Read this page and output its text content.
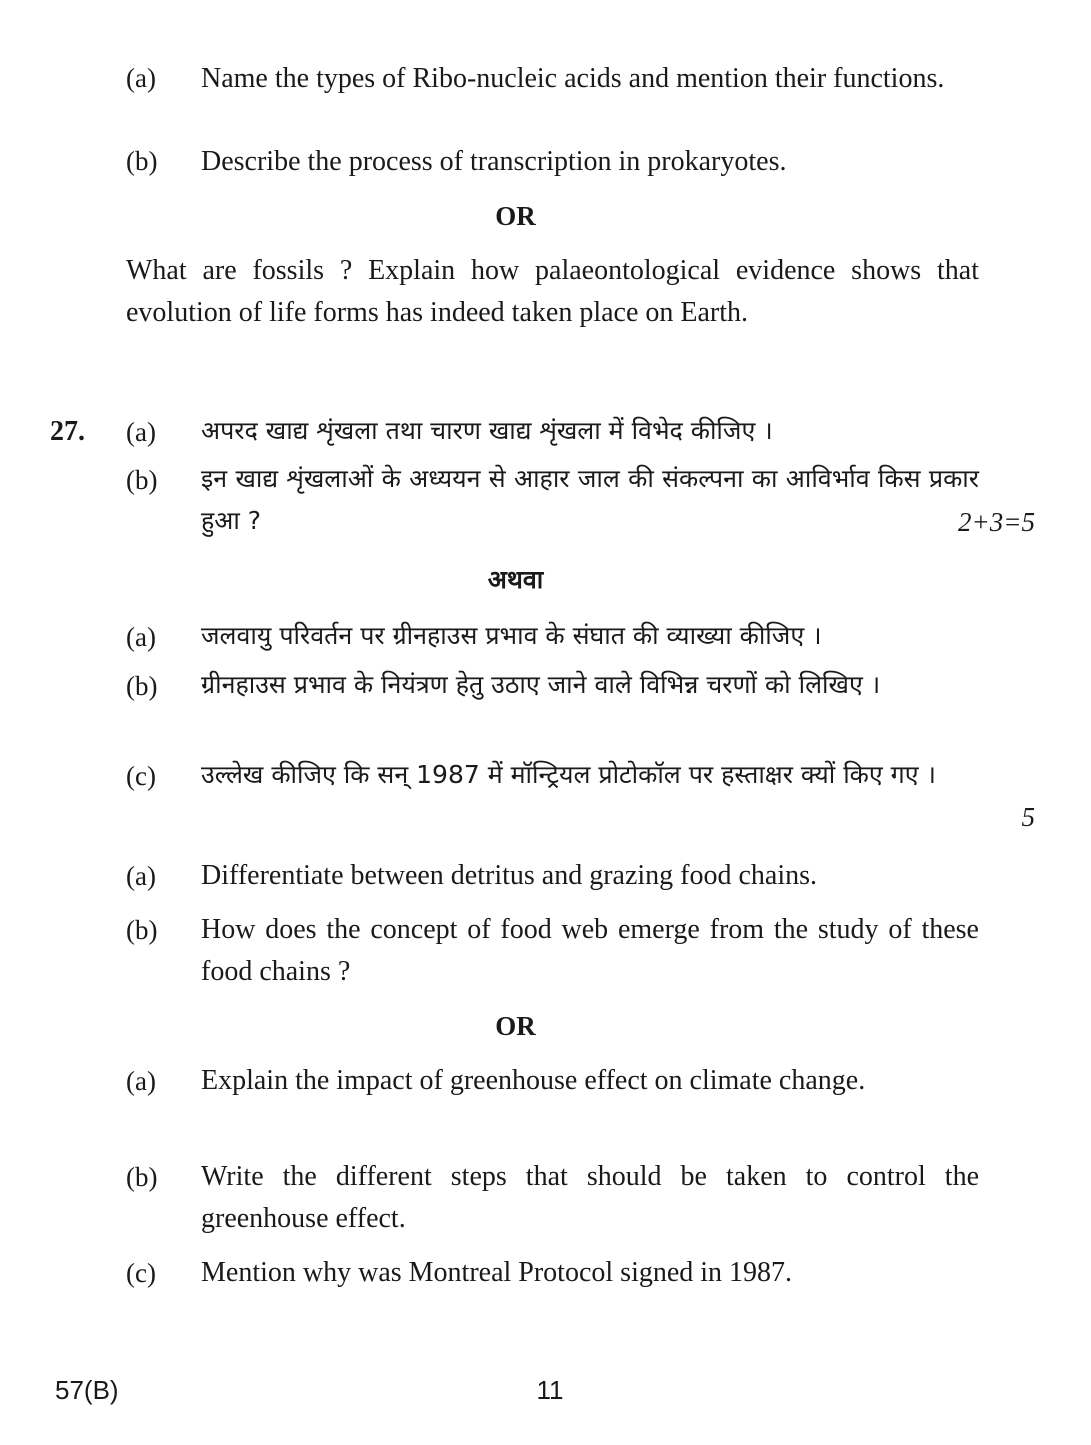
(a) Name the types of Ribo-nucleic acids and mention their functions.
(b) Describe the process of transcription in prokaryotes.
OR
What are fossils ? Explain how palaeontological evidence shows that evolution of life forms has indeed taken place on Earth.
27. (a) अपरद खाद्य शृंखला तथा चारण खाद्य शृंखला में विभेद कीजिए ।
(b) इन खाद्य शृंखलाओं के अध्ययन से आहार जाल की संकल्पना का आविर्भाव किस प्रकार हुआ ?	2+3=5
अथवा
(a) जलवायु परिवर्तन पर ग्रीनहाउस प्रभाव के संघात की व्याख्या कीजिए ।
(b) ग्रीनहाउस प्रभाव के नियंत्रण हेतु उठाए जाने वाले विभिन्न चरणों को लिखिए ।
(c) उल्लेख कीजिए कि सन् 1987 में मॉन्ट्रियल प्रोटोकॉल पर हस्ताक्षर क्यों किए गए ।
5
(a) Differentiate between detritus and grazing food chains.
(b) How does the concept of food web emerge from the study of these food chains ?
OR
(a) Explain the impact of greenhouse effect on climate change.
(b) Write the different steps that should be taken to control the greenhouse effect.
(c) Mention why was Montreal Protocol signed in 1987.
57(B)	11
